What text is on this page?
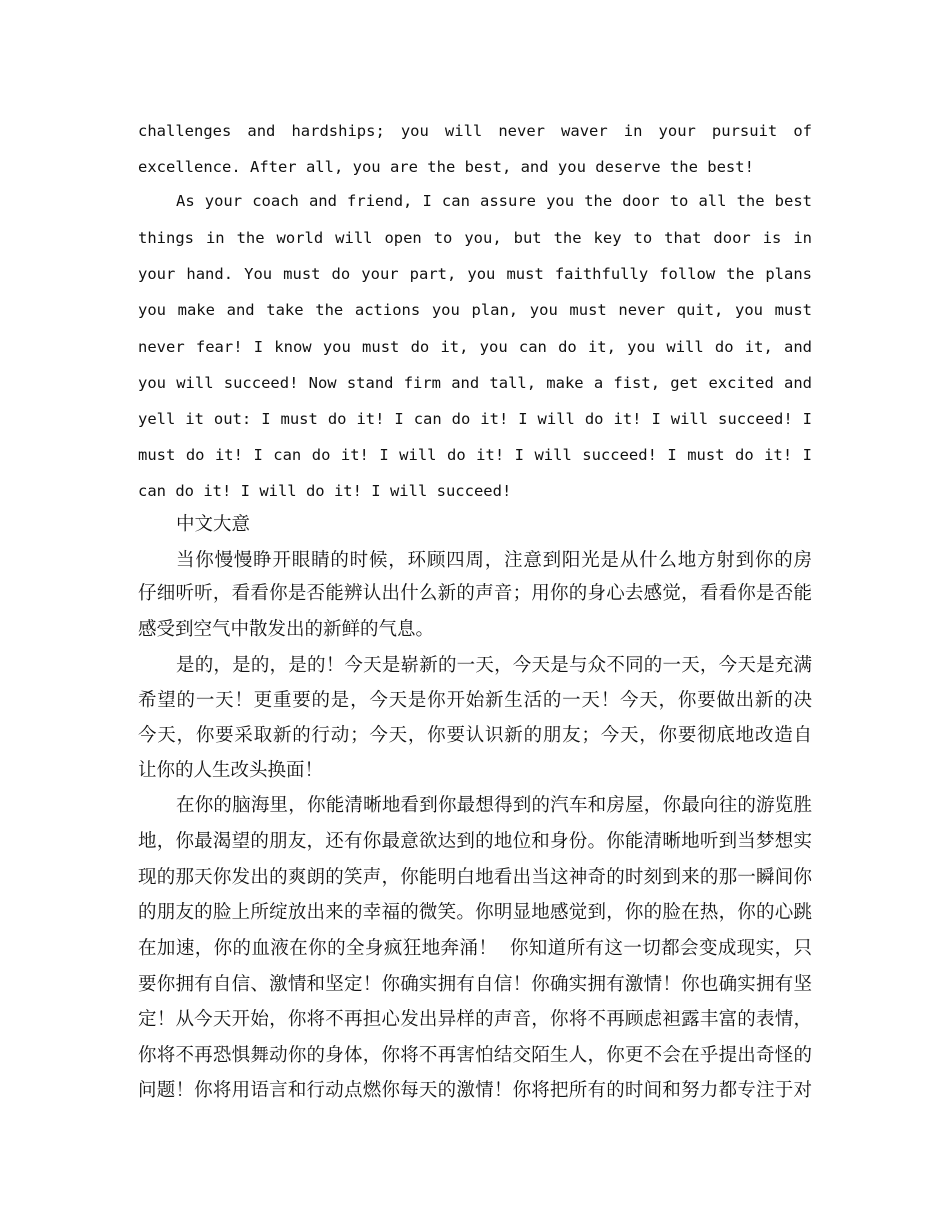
challenges and hardships; you will never waver in your pursuit of
excellence. After all, you are the best, and you deserve the best!
As your coach and friend, I can assure you the door to all the best
things in the world will open to you, but the key to that door is in
your hand. You must do your part, you must faithfully follow the plans
you make and take the actions you plan, you must never quit, you must
never fear! I know you must do it, you can do it, you will do it, and
you will succeed! Now stand firm and tall, make a fist, get excited and
yell it out: I must do it! I can do it! I will do it! I will succeed! I
must do it! I can do it! I will do it! I will succeed! I must do it! I
can do it! I will do it! I will succeed!
中文大意
当你慢慢睁开眼睛的时候，环顾四周，注意到阳光是从什么地方射到你的房
仔细听听，看看你是否能辨认出什么新的声音；用你的身心去感觉，看看你是否能
感受到空气中散发出的新鲜的气息。
是的，是的，是的！今天是崭新的一天，今天是与众不同的一天，今天是充满
希望的一天！更重要的是，今天是你开始新生活的一天！今天，你要做出新的决
今天，你要采取新的行动；今天，你要认识新的朋友；今天，你要彻底地改造自
让你的人生改头换面！
在你的脑海里，你能清晰地看到你最想得到的汽车和房屋，你最向往的游览胜
地，你最渴望的朋友，还有你最意欲达到的地位和身份。你能清晰地听到当梦想实
现的那天你发出的爽朗的笑声，你能明白地看出当这神奇的时刻到来的那一瞬间你
的朋友的脸上所绽放出来的幸福的微笑。你明显地感觉到，你的脸在热，你的心跳
在加速，你的血液在你的全身疯狂地奔涌！  你知道所有这一切都会变成现实，只
要你拥有自信、激情和坚定！你确实拥有自信！你确实拥有激情！你也确实拥有坚
定！从今天开始，你将不再担心发出异样的声音，你将不再顾虑袒露丰富的表情，
你将不再恐惧舞动你的身体，你将不再害怕结交陌生人，你更不会在乎提出奇怪的
问题！你将用语言和行动点燃你每天的激情！你将把所有的时间和努力都专注于对
